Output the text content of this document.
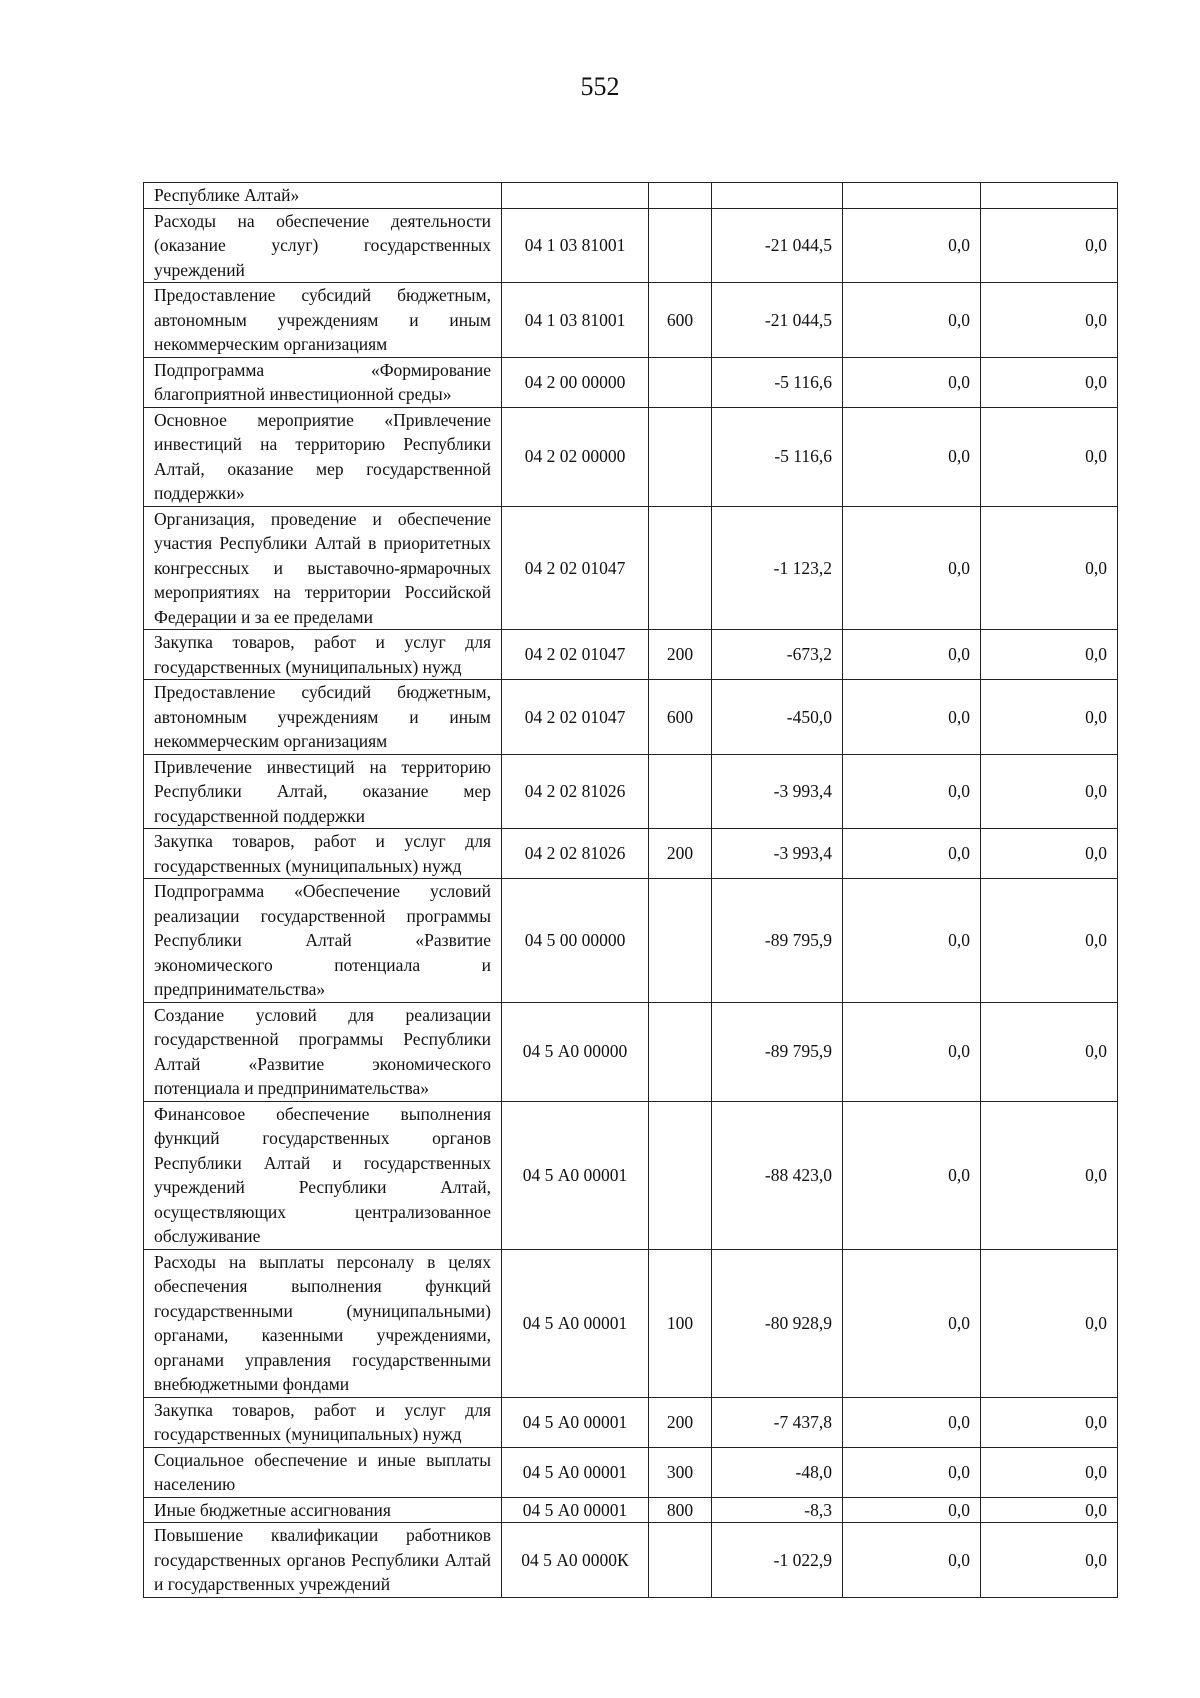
552
Республике Алтай»					
Расходы на обеспечение деятельности (оказание услуг) государственных учреждений	04 1 03 81001		-21 044,5	0,0	0,0
Предоставление субсидий бюджетным, автономным учреждениям и иным некоммерческим организациям	04 1 03 81001	600	-21 044,5	0,0	0,0
Подпрограмма «Формирование благоприятной инвестиционной среды»	04 2 00 00000		-5 116,6	0,0	0,0
Основное мероприятие «Привлечение инвестиций на территорию Республики Алтай, оказание мер государственной поддержки»	04 2 02 00000		-5 116,6	0,0	0,0
Организация, проведение и обеспечение участия Республики Алтай в приоритетных конгрессных и выставочно-ярмарочных мероприятиях на территории Российской Федерации и за ее пределами	04 2 02 01047		-1 123,2	0,0	0,0
Закупка товаров, работ и услуг для государственных (муниципальных) нужд	04 2 02 01047	200	-673,2	0,0	0,0
Предоставление субсидий бюджетным, автономным учреждениям и иным некоммерческим организациям	04 2 02 01047	600	-450,0	0,0	0,0
Привлечение инвестиций на территорию Республики Алтай, оказание мер государственной поддержки	04 2 02 81026		-3 993,4	0,0	0,0
Закупка товаров, работ и услуг для государственных (муниципальных) нужд	04 2 02 81026	200	-3 993,4	0,0	0,0
Подпрограмма «Обеспечение условий реализации государственной программы Республики Алтай «Развитие экономического потенциала и предпринимательства»	04 5 00 00000		-89 795,9	0,0	0,0
Создание условий для реализации государственной программы Республики Алтай «Развитие экономического потенциала и предпринимательства»	04 5 А0 00000		-89 795,9	0,0	0,0
Финансовое обеспечение выполнения функций государственных органов Республики Алтай и государственных учреждений Республики Алтай, осуществляющих централизованное обслуживание	04 5 А0 00001		-88 423,0	0,0	0,0
Расходы на выплаты персоналу в целях обеспечения выполнения функций государственными (муниципальными) органами, казенными учреждениями, органами управления государственными внебюджетными фондами	04 5 А0 00001	100	-80 928,9	0,0	0,0
Закупка товаров, работ и услуг для государственных (муниципальных) нужд	04 5 А0 00001	200	-7 437,8	0,0	0,0
Социальное обеспечение и иные выплаты населению	04 5 А0 00001	300	-48,0	0,0	0,0
Иные бюджетные ассигнования	04 5 А0 00001	800	-8,3	0,0	0,0
Повышение квалификации работников государственных органов Республики Алтай и государственных учреждений	04 5 А0 0000К		-1 022,9	0,0	0,0
